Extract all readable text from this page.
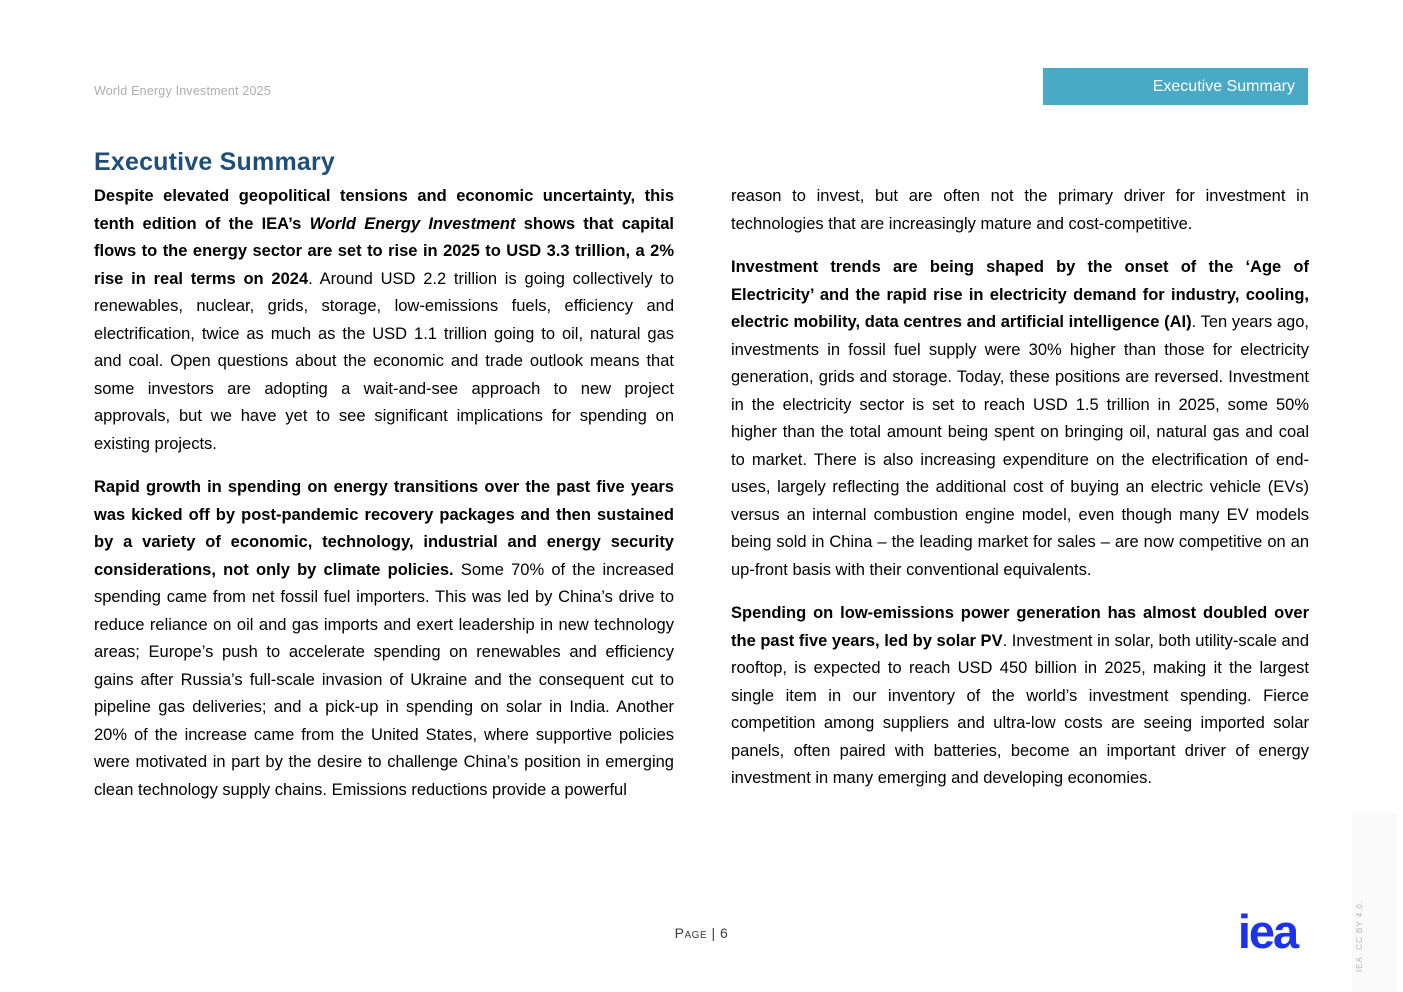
World Energy Investment 2025	Executive Summary
Executive Summary

Despite elevated geopolitical tensions and economic uncertainty, this tenth edition of the IEA’s World Energy Investment shows that capital flows to the energy sector are set to rise in 2025 to USD 3.3 trillion, a 2% rise in real terms on 2024. Around USD 2.2 trillion is going collectively to renewables, nuclear, grids, storage, low-emissions fuels, efficiency and electrification, twice as much as the USD 1.1 trillion going to oil, natural gas and coal. Open questions about the economic and trade outlook means that some investors are adopting a wait-and-see approach to new project approvals, but we have yet to see significant implications for spending on existing projects.

Rapid growth in spending on energy transitions over the past five years was kicked off by post-pandemic recovery packages and then sustained by a variety of economic, technology, industrial and energy security considerations, not only by climate policies. Some 70% of the increased spending came from net fossil fuel importers. This was led by China’s drive to reduce reliance on oil and gas imports and exert leadership in new technology areas; Europe’s push to accelerate spending on renewables and efficiency gains after Russia’s full-scale invasion of Ukraine and the consequent cut to pipeline gas deliveries; and a pick-up in spending on solar in India. Another 20% of the increase came from the United States, where supportive policies were motivated in part by the desire to challenge China’s position in emerging clean technology supply chains. Emissions reductions provide a powerful

reason to invest, but are often not the primary driver for investment in technologies that are increasingly mature and cost-competitive.

Investment trends are being shaped by the onset of the ‘Age of Electricity’ and the rapid rise in electricity demand for industry, cooling, electric mobility, data centres and artificial intelligence (AI). Ten years ago, investments in fossil fuel supply were 30% higher than those for electricity generation, grids and storage. Today, these positions are reversed. Investment in the electricity sector is set to reach USD 1.5 trillion in 2025, some 50% higher than the total amount being spent on bringing oil, natural gas and coal to market. There is also increasing expenditure on the electrification of end-uses, largely reflecting the additional cost of buying an electric vehicle (EVs) versus an internal combustion engine model, even though many EV models being sold in China – the leading market for sales – are now competitive on an up-front basis with their conventional equivalents.

Spending on low-emissions power generation has almost doubled over the past five years, led by solar PV. Investment in solar, both utility-scale and rooftop, is expected to reach USD 450 billion in 2025, making it the largest single item in our inventory of the world’s investment spending. Fierce competition among suppliers and ultra-low costs are seeing imported solar panels, often paired with batteries, become an important driver of energy investment in many emerging and developing economies.

IEA. CC BY 4.0.
Page | 6	iea
